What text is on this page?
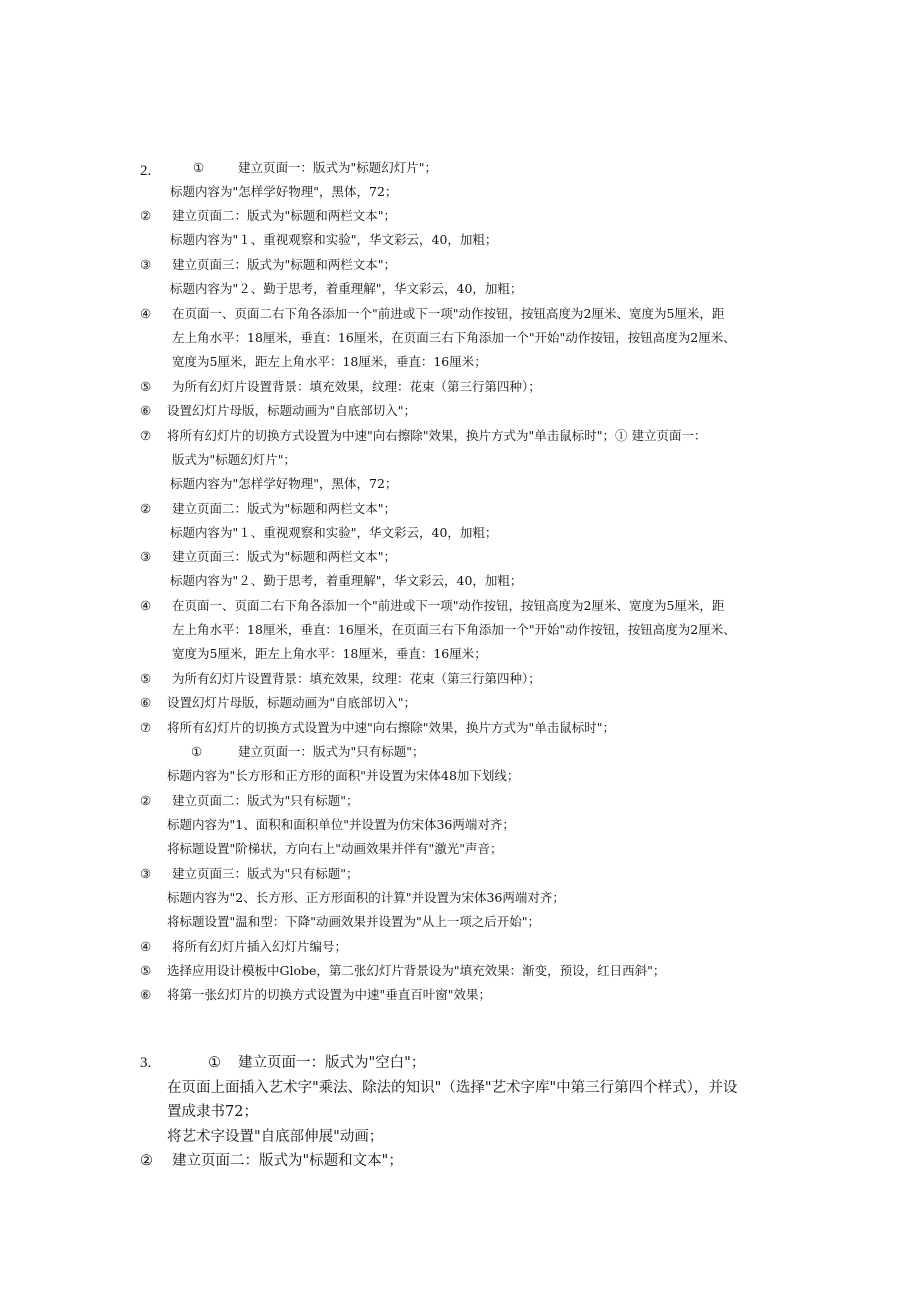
2.	①	建立页面一：版式为"标题幻灯片"；
标题内容为"怎样学好物理"，黑体，72；
② 建立页面二：版式为"标题和两栏文本"；
标题内容为"１、重视观察和实验"，华文彩云，40，加粗；
③ 建立页面三：版式为"标题和两栏文本"；
标题内容为"２、勤于思考，着重理解"，华文彩云，40，加粗；
④ 在页面一、页面二右下角各添加一个"前进或下一项"动作按钮，按钮高度为2厘米、宽度为5厘米，距
左上角水平：18厘米，垂直：16厘米，在页面三右下角添加一个"开始"动作按钮，按钮高度为2厘米、
宽度为5厘米，距左上角水平：18厘米，垂直：16厘米；
⑤ 为所有幻灯片设置背景：填充效果，纹理：花束（第三行第四种）；
⑥ 设置幻灯片母版，标题动画为"自底部切入"；
⑦ 将所有幻灯片的切换方式设置为中速"向右擦除"效果，换片方式为"单击鼠标时"；① 建立页面一：
版式为"标题幻灯片"；
标题内容为"怎样学好物理"，黑体，72；
② 建立页面二：版式为"标题和两栏文本"；
标题内容为"１、重视观察和实验"，华文彩云，40，加粗；
③ 建立页面三：版式为"标题和两栏文本"；
标题内容为"２、勤于思考，着重理解"，华文彩云，40，加粗；
④ 在页面一、页面二右下角各添加一个"前进或下一项"动作按钮，按钮高度为2厘米、宽度为5厘米，距
左上角水平：18厘米，垂直：16厘米，在页面三右下角添加一个"开始"动作按钮，按钮高度为2厘米、
宽度为5厘米，距左上角水平：18厘米，垂直：16厘米；
⑤ 为所有幻灯片设置背景：填充效果，纹理：花束（第三行第四种）；
⑥ 设置幻灯片母版，标题动画为"自底部切入"；
⑦ 将所有幻灯片的切换方式设置为中速"向右擦除"效果，换片方式为"单击鼠标时"；
①	建立页面一：版式为"只有标题"；
标题内容为"长方形和正方形的面积"并设置为宋体48加下划线；
② 建立页面二：版式为"只有标题"；
标题内容为"1、面积和面积单位"并设置为仿宋体36两端对齐；
将标题设置"阶梯状，方向右上"动画效果并伴有"激光"声音；
③ 建立页面三：版式为"只有标题"；
标题内容为"2、长方形、正方形面积的计算"并设置为宋体36两端对齐；
将标题设置"温和型：下降"动画效果并设置为"从上一项之后开始"；
④ 将所有幻灯片插入幻灯片编号；
⑤ 选择应用设计模板中Globe，第二张幻灯片背景设为"填充效果：渐变，预设，红日西斜"；
⑥ 将第一张幻灯片的切换方式设置为中速"垂直百叶窗"效果；
3.	① 建立页面一：版式为"空白"；
在页面上面插入艺术字"乘法、除法的知识"（选择"艺术字库"中第三行第四个样式），并设
置成隶书72；
将艺术字设置"自底部伸展"动画；
② 建立页面二：版式为"标题和文本"；
